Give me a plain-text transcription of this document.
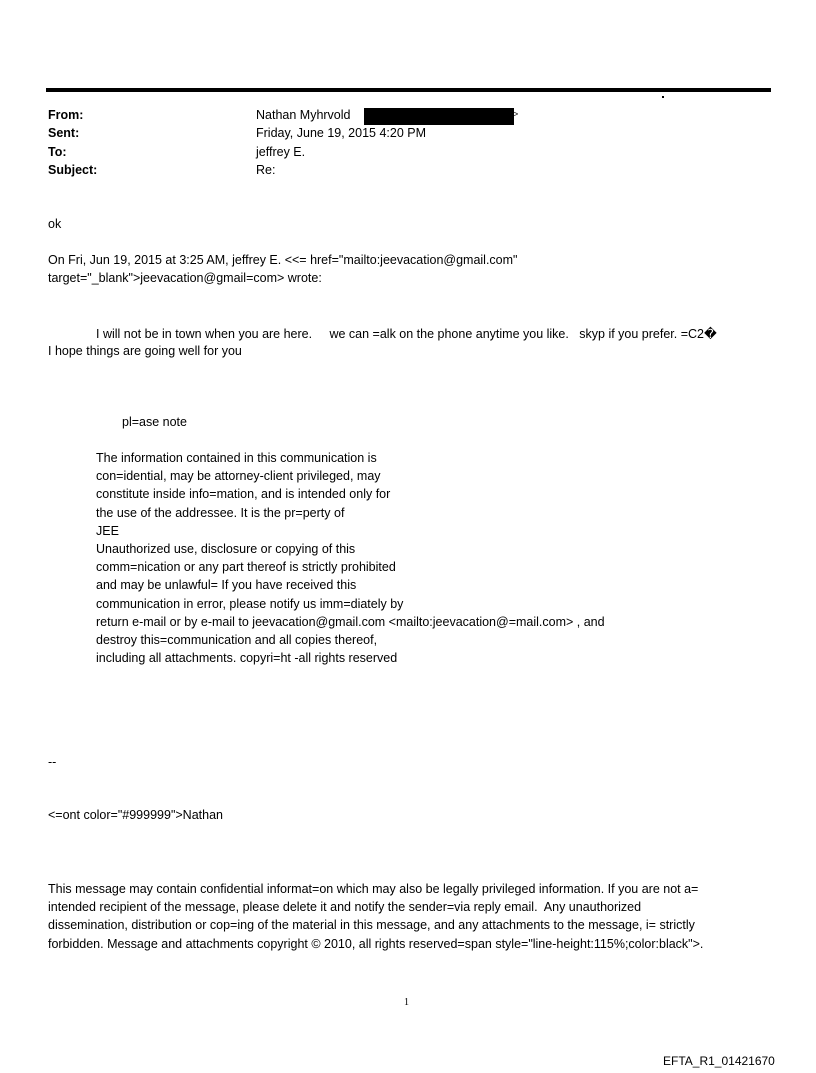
From:	Nathan Myhrvold	>
Sent:	Friday, June 19, 2015 4:20 PM
To:	jeffrey E.
Subject:	Re:
ok
On Fri, Jun 19, 2015 at 3:25 AM, jeffrey E. <<= href="mailto:jeevacation@gmail.com"
target="_blank">jeevacation@gmail=com> wrote:
I will not be in town when you are here.     we can =alk on the phone anytime you like.   skyp if you prefer. =C2�
I hope things are going well for you
pl=ase note
The information contained in this communication is
con=idential, may be attorney-client privileged, may
constitute inside info=mation, and is intended only for
the use of the addressee. It is the pr=perty of
JEE
Unauthorized use, disclosure or copying of this
comm=nication or any part thereof is strictly prohibited
and may be unlawful= If you have received this
communication in error, please notify us imm=diately by
return e-mail or by e-mail to jeevacation@gmail.com <mailto:jeevacation@=mail.com> , and
destroy this=communication and all copies thereof,
including all attachments. copyri=ht -all rights reserved
--
<=ont color="#999999">Nathan
This message may contain confidential informat=on which may also be legally privileged information. If you are not a=
intended recipient of the message, please delete it and notify the sender=via reply email.  Any unauthorized
dissemination, distribution or cop=ing of the material in this message, and any attachments to the message, i= strictly
forbidden. Message and attachments copyright © 2010, all rights reserved=span style="line-height:115%;color:black">.
1
EFTA_R1_01421670
